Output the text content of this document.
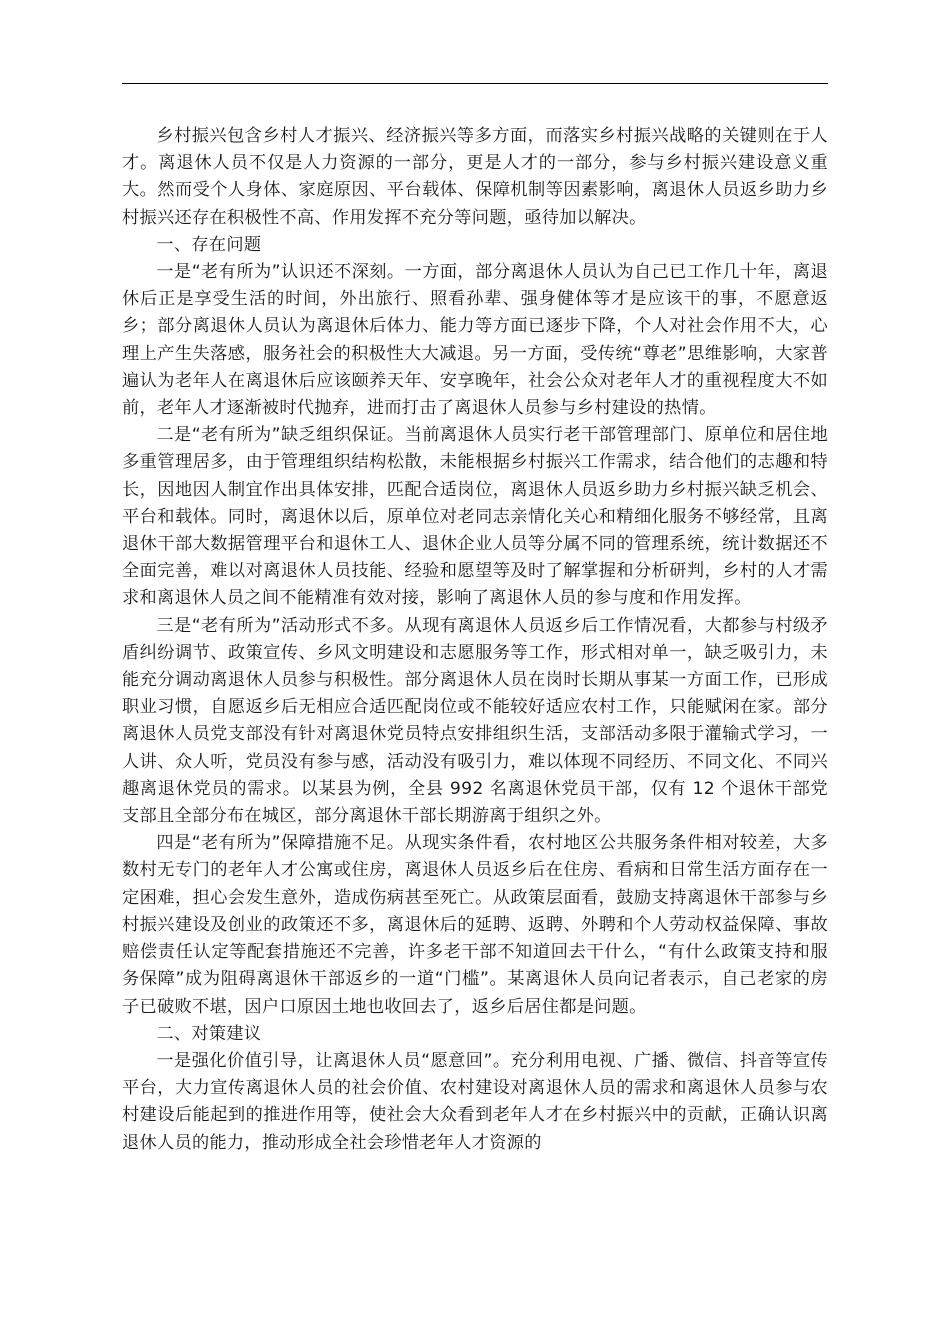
乡村振兴包含乡村人才振兴、经济振兴等多方面，而落实乡村振兴战略的关键则在于人才。离退休人员不仅是人力资源的一部分，更是人才的一部分，参与乡村振兴建设意义重大。然而受个人身体、家庭原因、平台载体、保障机制等因素影响，离退休人员返乡助力乡村振兴还存在积极性不高、作用发挥不充分等问题，亟待加以解决。

一、存在问题

一是“老有所为”认识还不深刻。一方面，部分离退休人员认为自己已工作几十年，离退休后正是享受生活的时间，外出旅行、照看孙辈、强身健体等才是应该干的事，不愿意返乡；部分离退休人员认为离退休后体力、能力等方面已逐步下降，个人对社会作用不大，心理上产生失落感，服务社会的积极性大大减退。另一方面，受传统“尊老”思维影响，大家普遍认为老年人在离退休后应该颐养天年、安享晚年，社会公众对老年人才的重视程度大不如前，老年人才逐渐被时代抛弃，进而打击了离退休人员参与乡村建设的热情。

二是“老有所为”缺乏组织保证。当前离退休人员实行老干部管理部门、原单位和居住地多重管理居多，由于管理组织结构松散，未能根据乡村振兴工作需求，结合他们的志趣和特长，因地因人制宜作出具体安排，匹配合适岗位，离退休人员返乡助力乡村振兴缺乏机会、平台和载体。同时，离退休以后，原单位对老同志亲情化关心和精细化服务不够经常，且离退休干部大数据管理平台和退休工人、退休企业人员等分属不同的管理系统，统计数据还不全面完善，难以对离退休人员技能、经验和愿望等及时了解掌握和分析研判，乡村的人才需求和离退休人员之间不能精准有效对接，影响了离退休人员的参与度和作用发挥。

三是“老有所为”活动形式不多。从现有离退休人员返乡后工作情况看，大都参与村级矛盾纠纷调节、政策宣传、乡风文明建设和志愿服务等工作，形式相对单一，缺乏吸引力，未能充分调动离退休人员参与积极性。部分离退休人员在岗时长期从事某一方面工作，已形成职业习惯，自愿返乡后无相应合适匹配岗位或不能较好适应农村工作，只能赋闲在家。部分离退休人员党支部没有针对离退休党员特点安排组织生活，支部活动多限于灌输式学习，一人讲、众人听，党员没有参与感，活动没有吸引力，难以体现不同经历、不同文化、不同兴趣离退休党员的需求。以某县为例，全县 992 名离退休党员干部，仅有 12 个退休干部党支部且全部分布在城区，部分离退休干部长期游离于组织之外。

四是“老有所为”保障措施不足。从现实条件看，农村地区公共服务条件相对较差，大多数村无专门的老年人才公寓或住房，离退休人员返乡后在住房、看病和日常生活方面存在一定困难，担心会发生意外，造成伤病甚至死亡。从政策层面看，鼓励支持离退休干部参与乡村振兴建设及创业的政策还不多，离退休后的延聘、返聘、外聘和个人劳动权益保障、事故赔偿责任认定等配套措施还不完善，许多老干部不知道回去干什么，“有什么政策支持和服务保障”成为阻碍离退休干部返乡的一道“门槛”。某离退休人员向记者表示，自己老家的房子已破败不堪，因户口原因土地也收回去了，返乡后居住都是问题。

二、对策建议

一是强化价值引导，让离退休人员“愿意回”。充分利用电视、广播、微信、抖音等宣传平台，大力宣传离退休人员的社会价值、农村建设对离退休人员的需求和离退休人员参与农村建设后能起到的推进作用等，使社会大众看到老年人才在乡村振兴中的贡献，正确认识离退休人员的能力，推动形成全社会珍惜老年人才资源的
